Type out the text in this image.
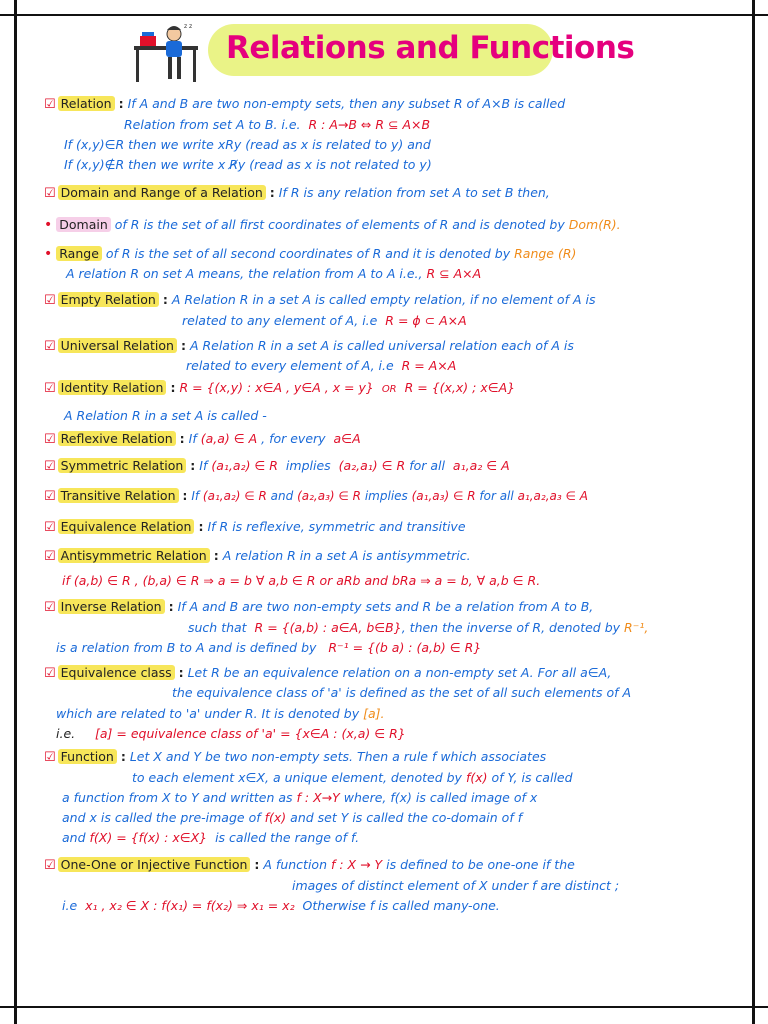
z z
Relations and Functions
☑ Relation : If A and B are two non-empty sets, then any subset R of A×B is called
Relation from set A to B. i.e. R : A→B ⇔ R ⊆ A×B
If (x,y)∈R then we write xRy (read as x is related to y) and
If (x,y)∉R then we write x R̸y (read as x is not related to y)
☑ Domain and Range of a Relation : If R is any relation from set A to set B then,
• Domain of R is the set of all first coordinates of elements of R and is denoted by Dom(R).
• Range of R is the set of all second coordinates of R and it is denoted by Range (R)
A relation R on set A means, the relation from A to A i.e., R ⊆ A×A
☑ Empty Relation : A Relation R in a set A is called empty relation, if no element of A is
related to any element of A, i.e R = ϕ ⊂ A×A
☑ Universal Relation : A Relation R in a set A is called universal relation each of A is
related to every element of A, i.e R = A×A
☑ Identity Relation : R = {(x,y) : x∈A , y∈A , x = y} OR R = {(x,x) ; x∈A}
A Relation R in a set A is called -
☑ Reflexive Relation : If (a,a) ∈ A , for every a∈A
☑ Symmetric Relation : If (a₁,a₂) ∈ R implies (a₂,a₁) ∈ R for all a₁,a₂ ∈ A
☑ Transitive Relation : If (a₁,a₂) ∈ R and (a₂,a₃) ∈ R implies (a₁,a₃) ∈ R for all a₁,a₂,a₃ ∈ A
☑ Equivalence Relation : If R is reflexive, symmetric and transitive
☑ Antisymmetric Relation : A relation R in a set A is antisymmetric.
if (a,b) ∈ R , (b,a) ∈ R ⇒ a = b ∀ a,b ∈ R or aRb and bRa ⇒ a = b, ∀ a,b ∈ R.
☑ Inverse Relation : If A and B are two non-empty sets and R be a relation from A to B,
such that R = {(a,b) : a∈A, b∈B}, then the inverse of R, denoted by R⁻¹,
is a relation from B to A and is defined by R⁻¹ = {(b a) : (a,b) ∈ R}
☑ Equivalence class : Let R be an equivalence relation on a non-empty set A. For all a∈A,
the equivalence class of 'a' is defined as the set of all such elements of A
which are related to 'a' under R. It is denoted by [a].
i.e. [a] = equivalence class of 'a' = {x∈A : (x,a) ∈ R}
☑ Function : Let X and Y be two non-empty sets. Then a rule f which associates
to each element x∈X, a unique element, denoted by f(x) of Y, is called
a function from X to Y and written as f : X→Y where, f(x) is called image of x
and x is called the pre-image of f(x) and set Y is called the co-domain of f
and f(X) = {f(x) : x∈X} is called the range of f.
☑ One-One or Injective Function : A function f : X → Y is defined to be one-one if the
images of distinct element of X under f are distinct ;
i.e x₁ , x₂ ∈ X : f(x₁) = f(x₂) ⇒ x₁ = x₂ Otherwise f is called many-one.
